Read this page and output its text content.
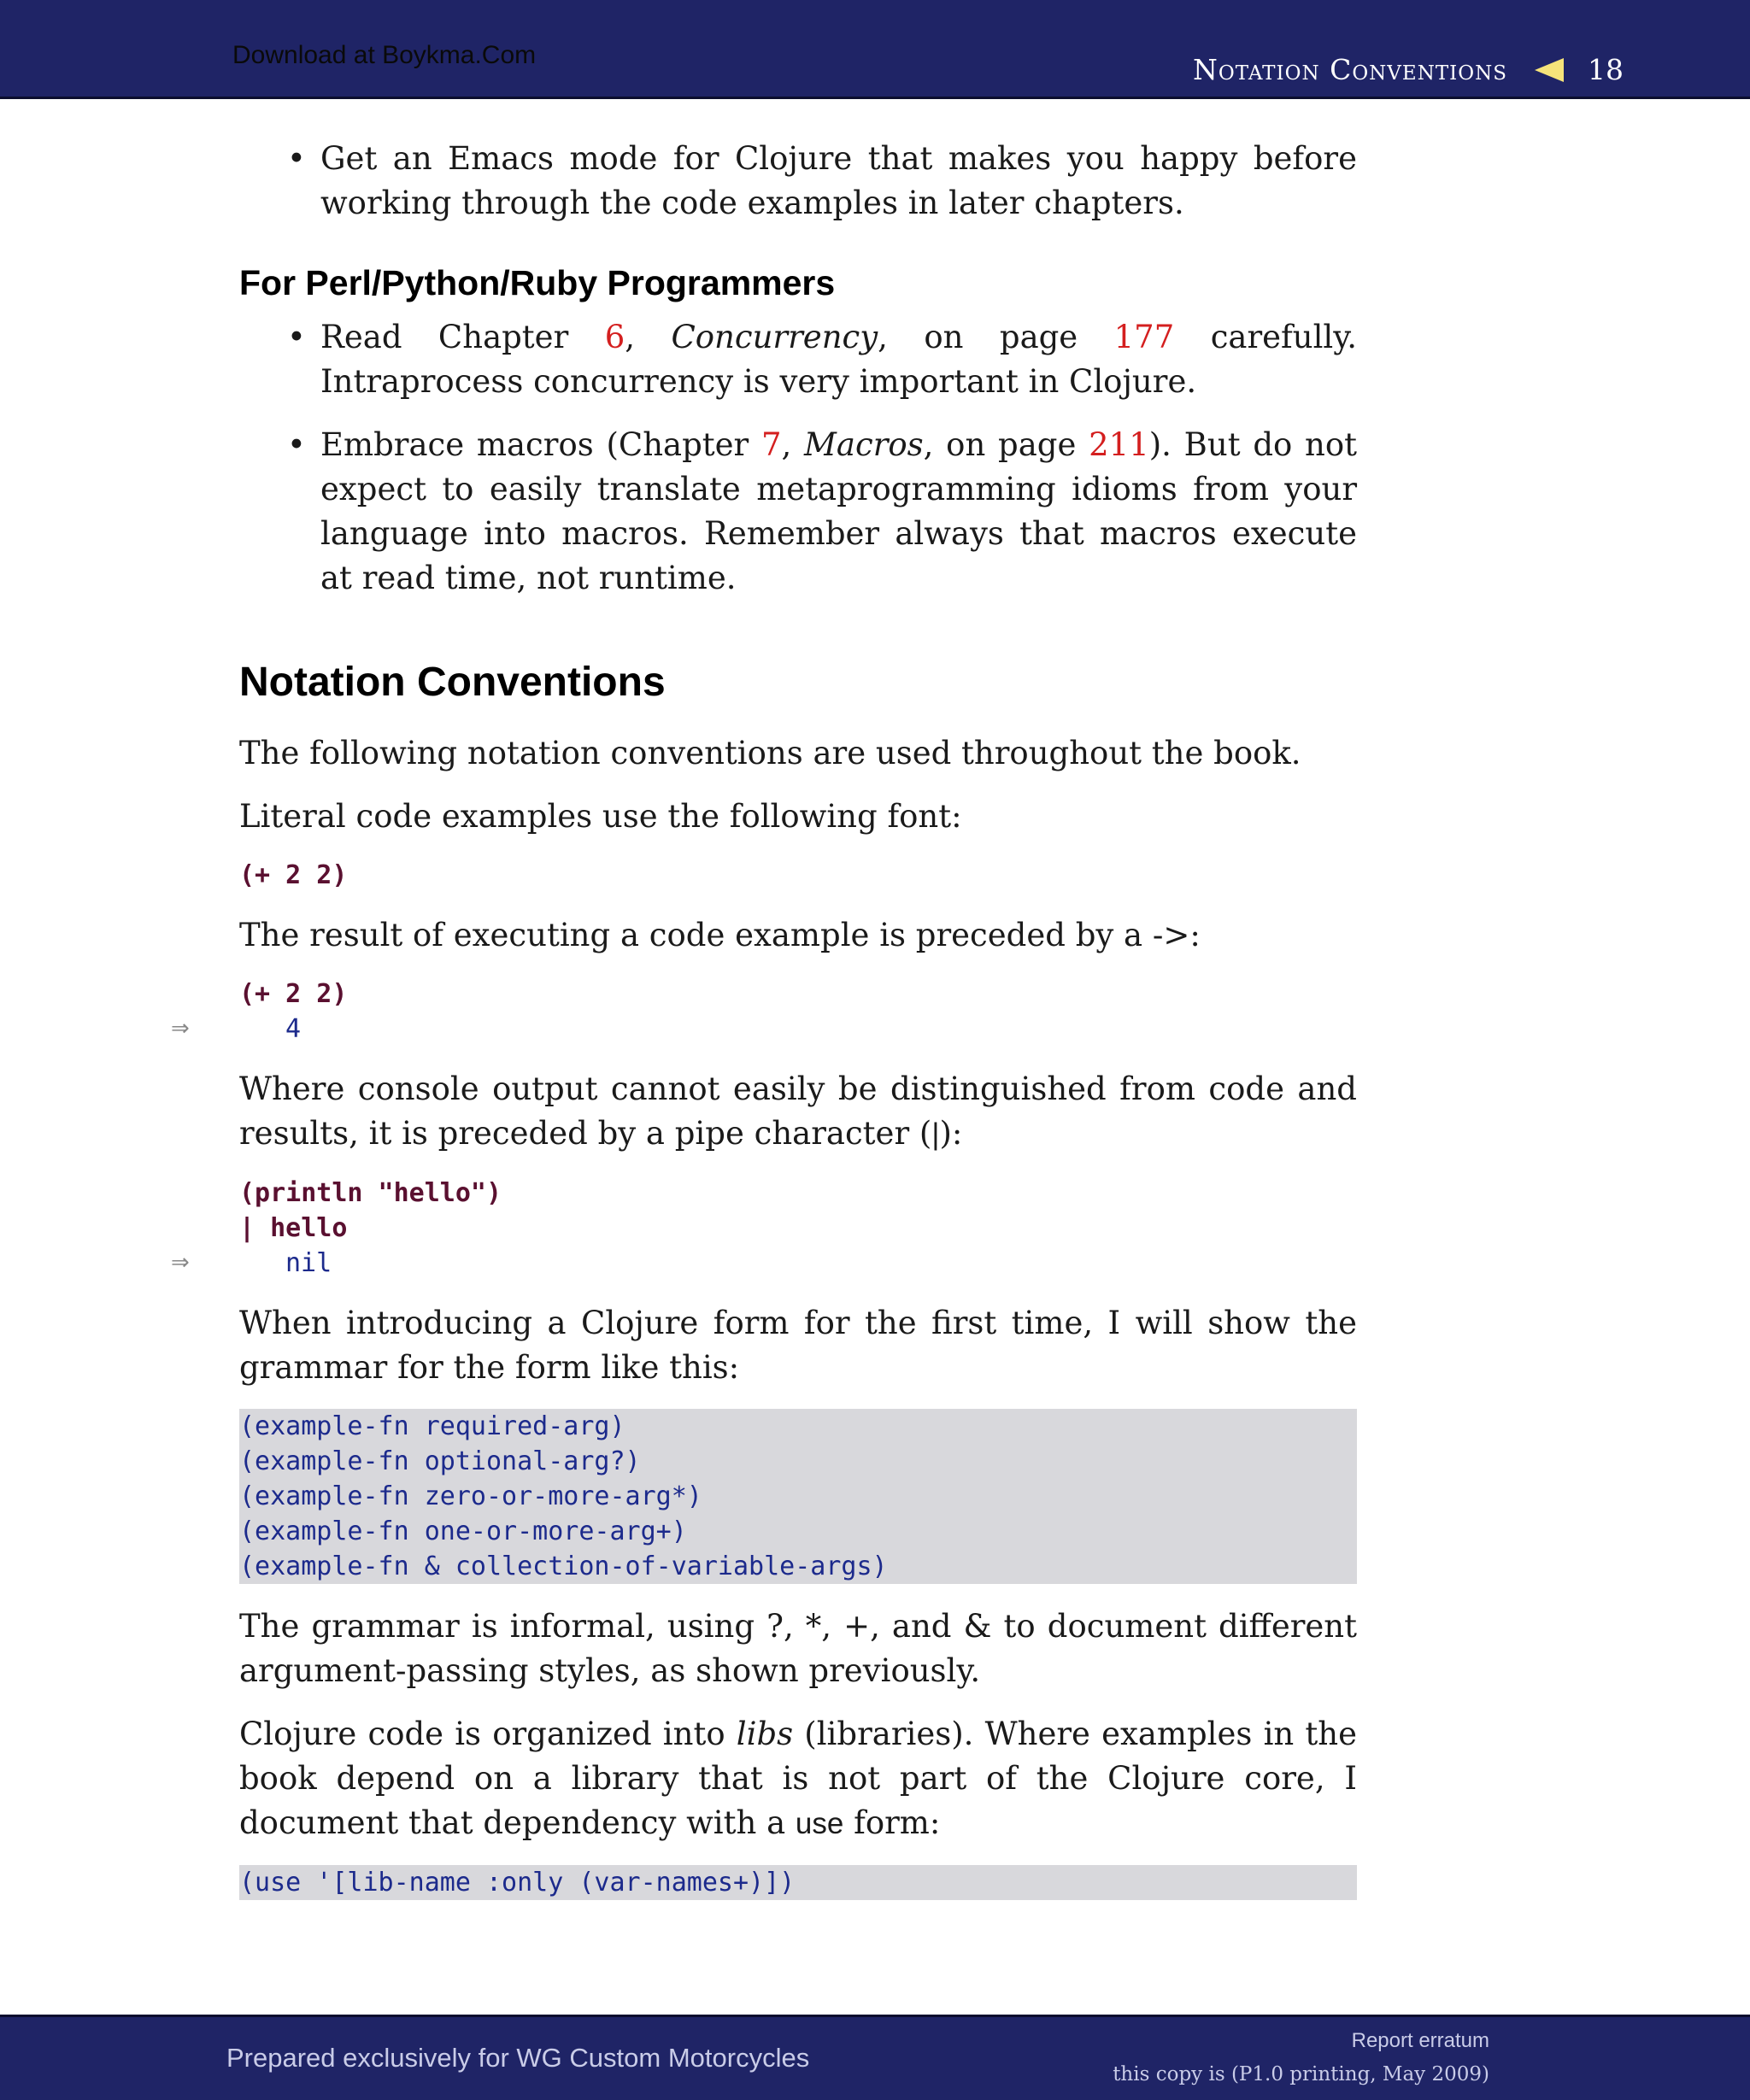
Download at Boykma.Com	Notation Conventions	18
• Get an Emacs mode for Clojure that makes you happy before working through the code examples in later chapters.
For Perl/Python/Ruby Programmers
• Read Chapter 6, Concurrency, on page 177 carefully. Intraprocess concurrency is very important in Clojure.
• Embrace macros (Chapter 7, Macros, on page 211). But do not expect to easily translate metaprogramming idioms from your language into macros. Remember always that macros execute at read time, not runtime.
Notation Conventions

The following notation conventions are used throughout the book.

Literal code examples use the following font:

(+ 2 2)

The result of executing a code example is preceded by a ->:

(+ 2 2)
⇒	4

Where console output cannot easily be distinguished from code and results, it is preceded by a pipe character (|):

(println "hello")
| hello
⇒	nil

When introducing a Clojure form for the first time, I will show the grammar for the form like this:

(example-fn required-arg)
(example-fn optional-arg?)
(example-fn zero-or-more-arg*)
(example-fn one-or-more-arg+)
(example-fn & collection-of-variable-args)

The grammar is informal, using ?, *, +, and & to document different argument-passing styles, as shown previously.

Clojure code is organized into libs (libraries). Where examples in the book depend on a library that is not part of the Clojure core, I document that dependency with a use form:

(use '[lib-name :only (var-names+)])
Prepared exclusively for WG Custom Motorcycles
Report erratum
this copy is (P1.0 printing, May 2009)
